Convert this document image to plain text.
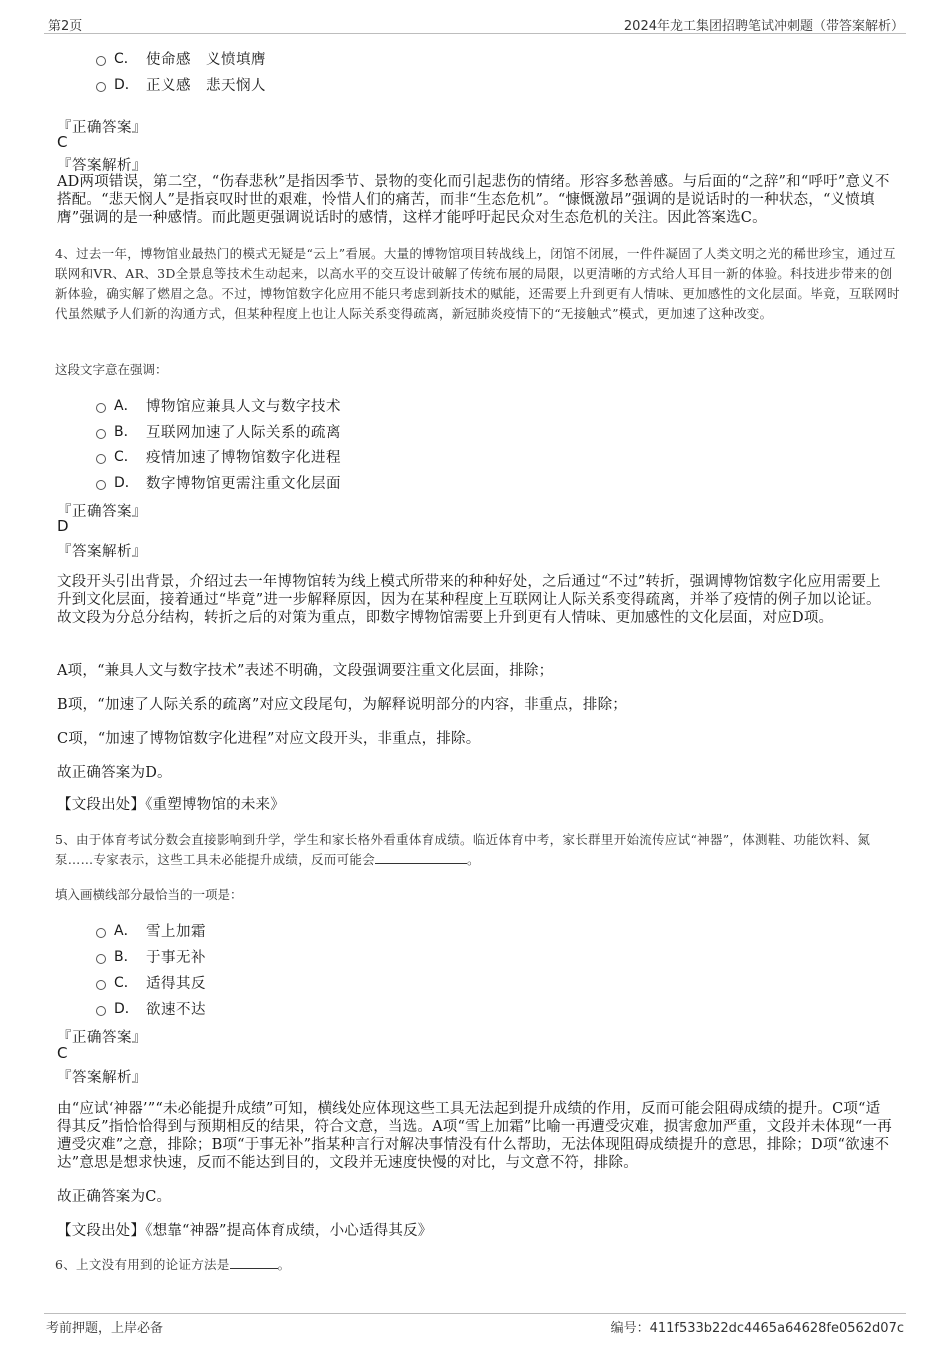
第2页	2024年龙工集团招聘笔试冲刺题（带答案解析）
C． 使命感　义愤填膺
D． 正义感　悲天悯人
『正确答案』
C
『答案解析』
AD两项错误，第二空，“伤春悲秋”是指因季节、景物的变化而引起悲伤的情绪。形容多愁善感。与后面的“之辞”和“呼吁”意义不搭配。“悲天悯人”是指哀叹时世的艰难，怜惜人们的痛苦，而非“生态危机”。“慷慨激昂”强调的是说话时的一种状态，“义愤填膺”强调的是一种感情。而此题更强调说话时的感情，这样才能呼吁起民众对生态危机的关注。因此答案选C。
4、过去一年，博物馆业最热门的模式无疑是“云上”看展。大量的博物馆项目转战线上，闭馆不闭展，一件件凝固了人类文明之光的稀世珍宝，通过互联网和VR、AR、3D全景息等技术生动起来，以高水平的交互设计破解了传统布展的局限，以更清晰的方式给人耳目一新的体验。科技进步带来的创新体验，确实解了燃眉之急。不过，博物馆数字化应用不能只考虑到新技术的赋能，还需要上升到更有人情味、更加感性的文化层面。毕竟，互联网时代虽然赋予人们新的沟通方式，但某种程度上也让人际关系变得疏离，新冠肺炎疫情下的“无接触式”模式，更加速了这种改变。
这段文字意在强调：
A． 博物馆应兼具人文与数字技术
B． 互联网加速了人际关系的疏离
C． 疫情加速了博物馆数字化进程
D． 数字博物馆更需注重文化层面
『正确答案』
D
『答案解析』
文段开头引出背景，介绍过去一年博物馆转为线上模式所带来的种种好处，之后通过“不过”转折，强调博物馆数字化应用需要上升到文化层面，接着通过“毕竟”进一步解释原因，因为在某种程度上互联网让人际关系变得疏离，并举了疫情的例子加以论证。故文段为分总分结构，转折之后的对策为重点，即数字博物馆需要上升到更有人情味、更加感性的文化层面，对应D项。
A项，“兼具人文与数字技术”表述不明确，文段强调要注重文化层面，排除；
B项，“加速了人际关系的疏离”对应文段尾句，为解释说明部分的内容，非重点，排除；
C项，“加速了博物馆数字化进程”对应文段开头，非重点，排除。
故正确答案为D。
【文段出处】《重塑博物馆的未来》
5、由于体育考试分数会直接影响到升学，学生和家长格外看重体育成绩。临近体育中考，家长群里开始流传应试“神器”，体测鞋、功能饮料、氮泵……专家表示，这些工具未必能提升成绩，反而可能会	。
填入画横线部分最恰当的一项是：
A． 雪上加霜
B． 于事无补
C． 适得其反
D． 欲速不达
『正确答案』
C
『答案解析』
由“应试‘神器’”“未必能提升成绩”可知，横线处应体现这些工具无法起到提升成绩的作用，反而可能会阻碍成绩的提升。C项“适得其反”指恰恰得到与预期相反的结果，符合文意，当选。A项“雪上加霜”比喻一再遭受灾难，损害愈加严重，文段并未体现“一再遭受灾难”之意，排除；B项“于事无补”指某种言行对解决事情没有什么帮助，无法体现阻碍成绩提升的意思，排除；D项“欲速不达”意思是想求快速，反而不能达到目的，文段并无速度快慢的对比，与文意不符，排除。
故正确答案为C。
【文段出处】《想靠“神器”提高体育成绩，小心适得其反》
6、上文没有用到的论证方法是	。
考前押题，上岸必备	编号：411f533b22dc4465a64628fe0562d07c
